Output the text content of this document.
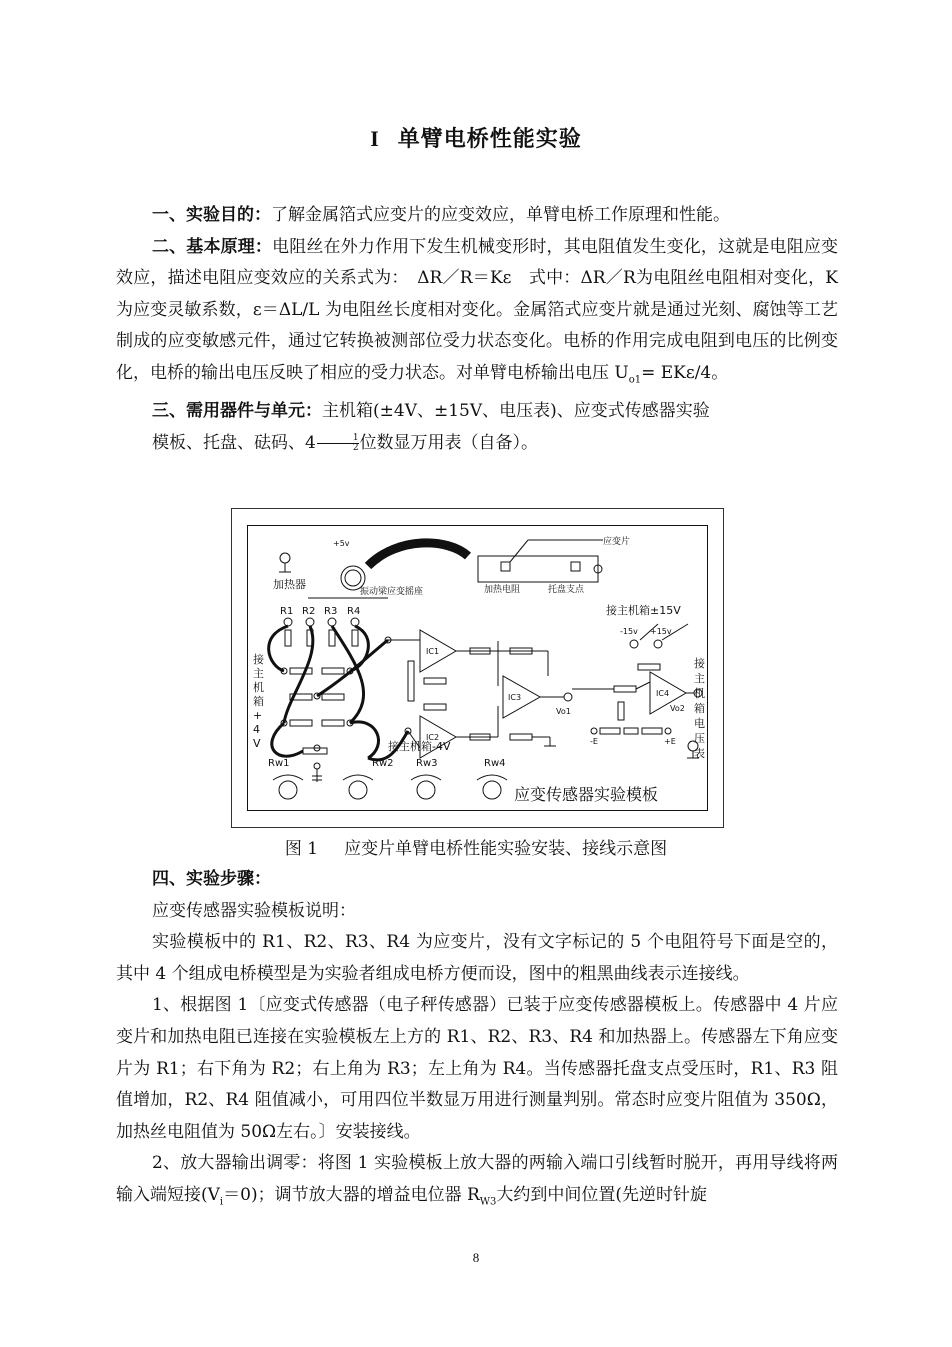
I 单臂电桥性能实验

一、实验目的：了解金属箔式应变片的应变效应，单臂电桥工作原理和性能。

二、基本原理：电阻丝在外力作用下发生机械变形时，其电阻值发生变化，这就是电阻应变效应，描述电阻应变效应的关系式为：　ΔR／R＝Kε　式中：ΔR／R为电阻丝电阻相对变化，K 为应变灵敏系数，ε＝ΔL/L 为电阻丝长度相对变化。金属箔式应变片就是通过光刻、腐蚀等工艺制成的应变敏感元件，通过它转换被测部位受力状态变化。电桥的作用完成电阻到电压的比例变化，电桥的输出电压反映了相应的受力状态。对单臂电桥输出电压 $U_{o1}= EK\varepsilon/4$。

三、需用器件与单元：主机箱(±4V、±15V、电压表)、应变式传感器实验

模板、托盘、砝码、$4 \frac{1}{2}$ 位数显万用表（自备）。

+5v	应变片
加热器
振动梁应变摇座	加热电阻	托盘支点
R1 R2 R3 R4	接主机箱±15V
-15v +15v
接主机箱-4V
Rw1	Rw2 Rw3	Rw4
IC1
IC2
IC3	IC4
Vo1	Vo2
-E	+E
应变传感器实验模板
接主机箱+4V
接主机箱电压表
图 1 应变片单臂电桥性能实验安装、接线示意图

四、实验步骤：

应变传感器实验模板说明：

实验模板中的 R1、R2、R3、R4 为应变片，没有文字标记的 5 个电阻符号下面是空的，其中 4 个组成电桥模型是为实验者组成电桥方便而设，图中的粗黑曲线表示连接线。

1、根据图 1〔应变式传感器（电子秤传感器）已装于应变传感器模板上。传感器中 4 片应变片和加热电阻已连接在实验模板左上方的 R1、R2、R3、R4 和加热器上。传感器左下角应变片为 R1；右下角为 R2；右上角为 R3；左上角为 R4。当传感器托盘支点受压时，R1、R3 阻值增加，R2、R4 阻值减小，可用四位半数显万用进行测量判别。常态时应变片阻值为 350Ω，加热丝电阻值为 50Ω左右。〕安装接线。

2、放大器输出调零：将图 1 实验模板上放大器的两输入端口引线暂时脱开，再用导线将两输入端短接$(V_i=0)$；调节放大器的增益电位器 $R_{W3}$大约到中间位置(先逆时针旋

8
